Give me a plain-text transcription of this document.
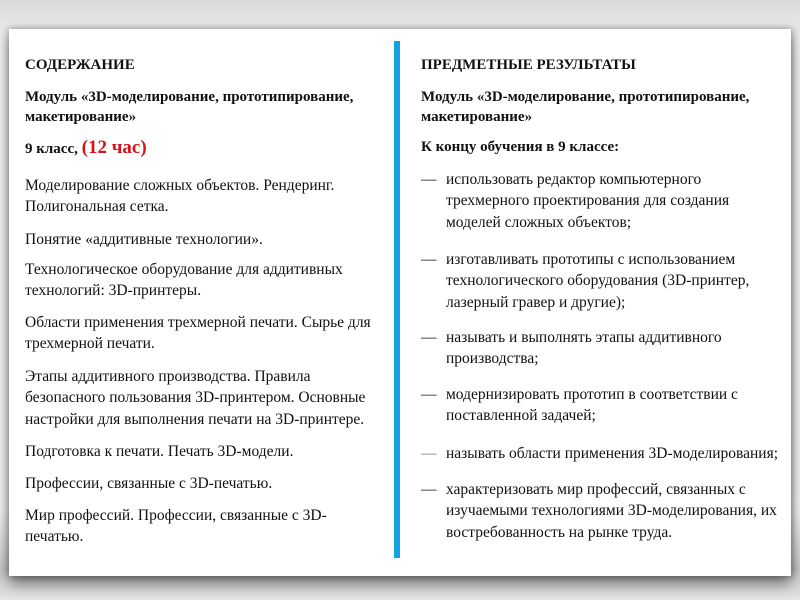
СОДЕРЖАНИЕ
Модуль «3D-моделирование, прототипирование,
макетирование»
9 класс, (12 час)
Моделирование сложных объектов. Рендеринг.
Полигональная сетка.
Понятие «аддитивные технологии».
Технологическое оборудование для аддитивных
технологий: 3D-принтеры.
Области применения трехмерной печати. Сырье для
трехмерной печати.
Этапы аддитивного производства. Правила
безопасного пользования 3D-принтером. Основные
настройки для выполнения печати на 3D-принтере.
Подготовка к печати. Печать 3D-модели.
Профессии, связанные с 3D-печатью.
Мир профессий. Профессии, связанные с 3D-
печатью.
ПРЕДМЕТНЫЕ РЕЗУЛЬТАТЫ
Модуль «3D-моделирование, прототипирование,
макетирование»
К концу обучения в 9 классе:
— использовать редактор компьютерного
трехмерного проектирования для создания
моделей сложных объектов;
— изготавливать прототипы с использованием
технологического оборудования (3D-принтер,
лазерный гравер и другие);
— называть и выполнять этапы аддитивного
производства;
— модернизировать прототип в соответствии с
поставленной задачей;
— называть области применения 3D-моделирования;
— характеризовать мир профессий, связанных с
изучаемыми технологиями 3D-моделирования, их
востребованность на рынке труда.
